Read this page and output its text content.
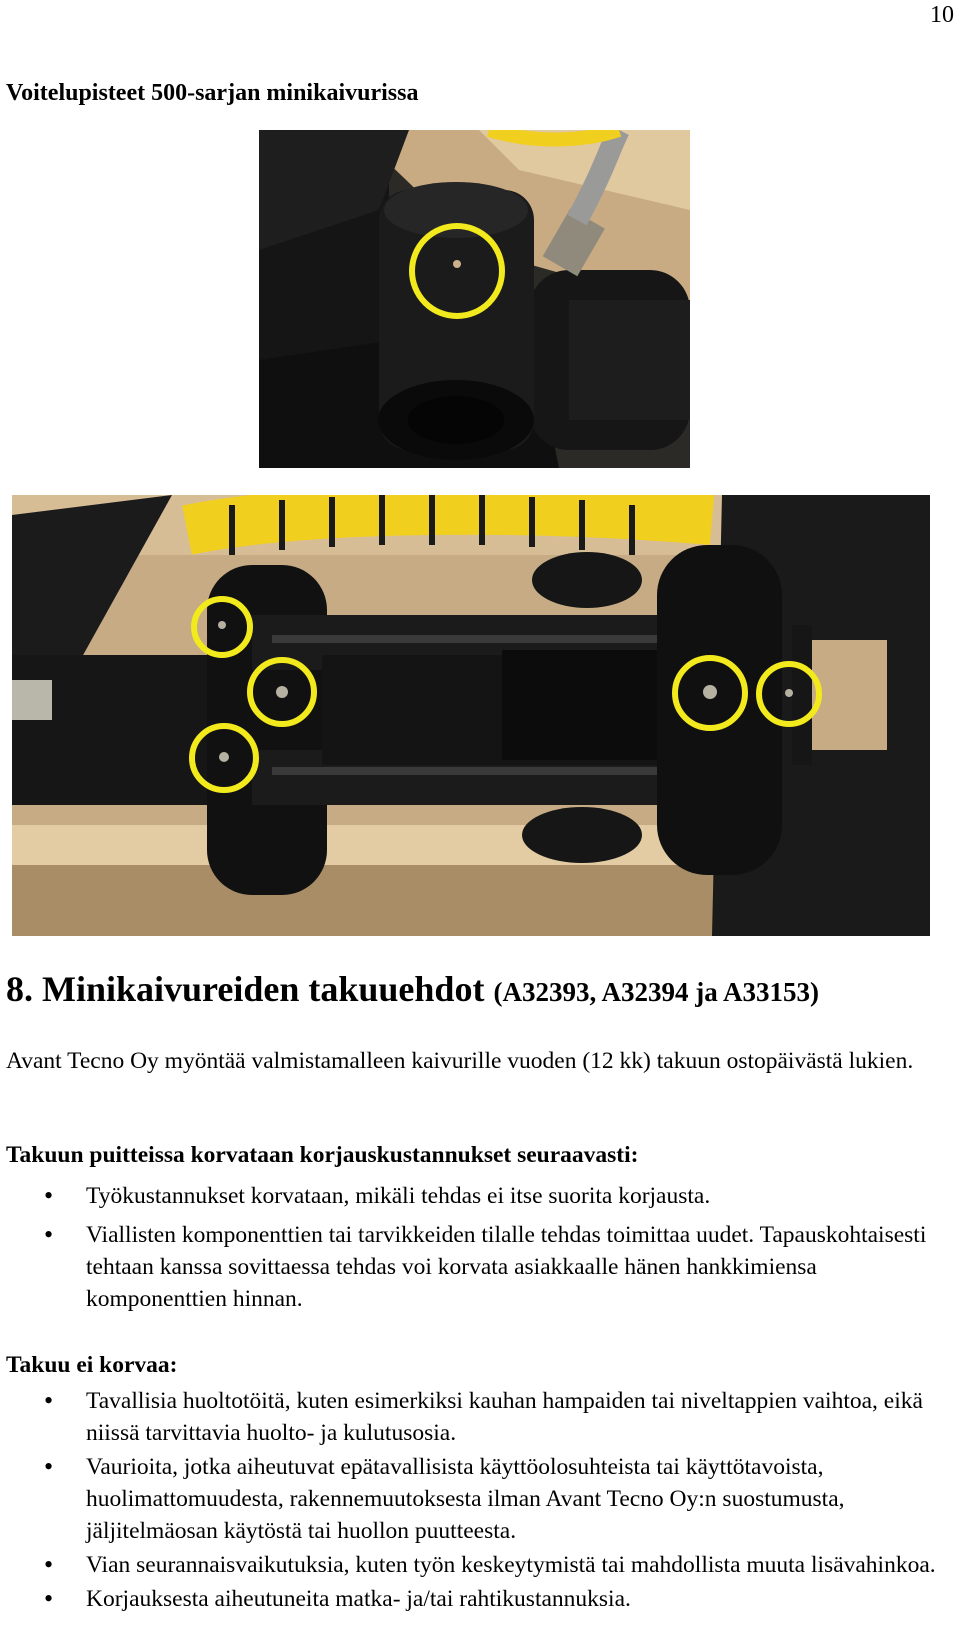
10
Voitelupisteet 500-sarjan minikaivurissa
8. Minikaivureiden takuuehdot (A32393, A32394 ja A33153)

Avant Tecno Oy myöntää valmistamalleen kaivurille vuoden (12 kk) takuun ostopäivästä lukien.

Takuun puitteissa korvataan korjauskustannukset seuraavasti:
• Työkustannukset korvataan, mikäli tehdas ei itse suorita korjausta.
• Viallisten komponenttien tai tarvikkeiden tilalle tehdas toimittaa uudet. Tapauskohtaisesti tehtaan kanssa sovittaessa tehdas voi korvata asiakkaalle hänen hankkimiensa komponenttien hinnan.
Takuu ei korvaa:
• Tavallisia huoltotöitä, kuten esimerkiksi kauhan hampaiden tai niveltappien vaihtoa, eikä niissä tarvittavia huolto- ja kulutusosia.
• Vaurioita, jotka aiheutuvat epätavallisista käyttöolosuhteista tai käyttötavoista, huolimattomuudesta, rakennemuutoksesta ilman Avant Tecno Oy:n suostumusta, jäljitelmäosan käytöstä tai huollon puutteesta.
• Vian seurannaisvaikutuksia, kuten työn keskeytymistä tai mahdollista muuta lisävahinkoa.
• Korjauksesta aiheutuneita matka- ja/tai rahtikustannuksia.
